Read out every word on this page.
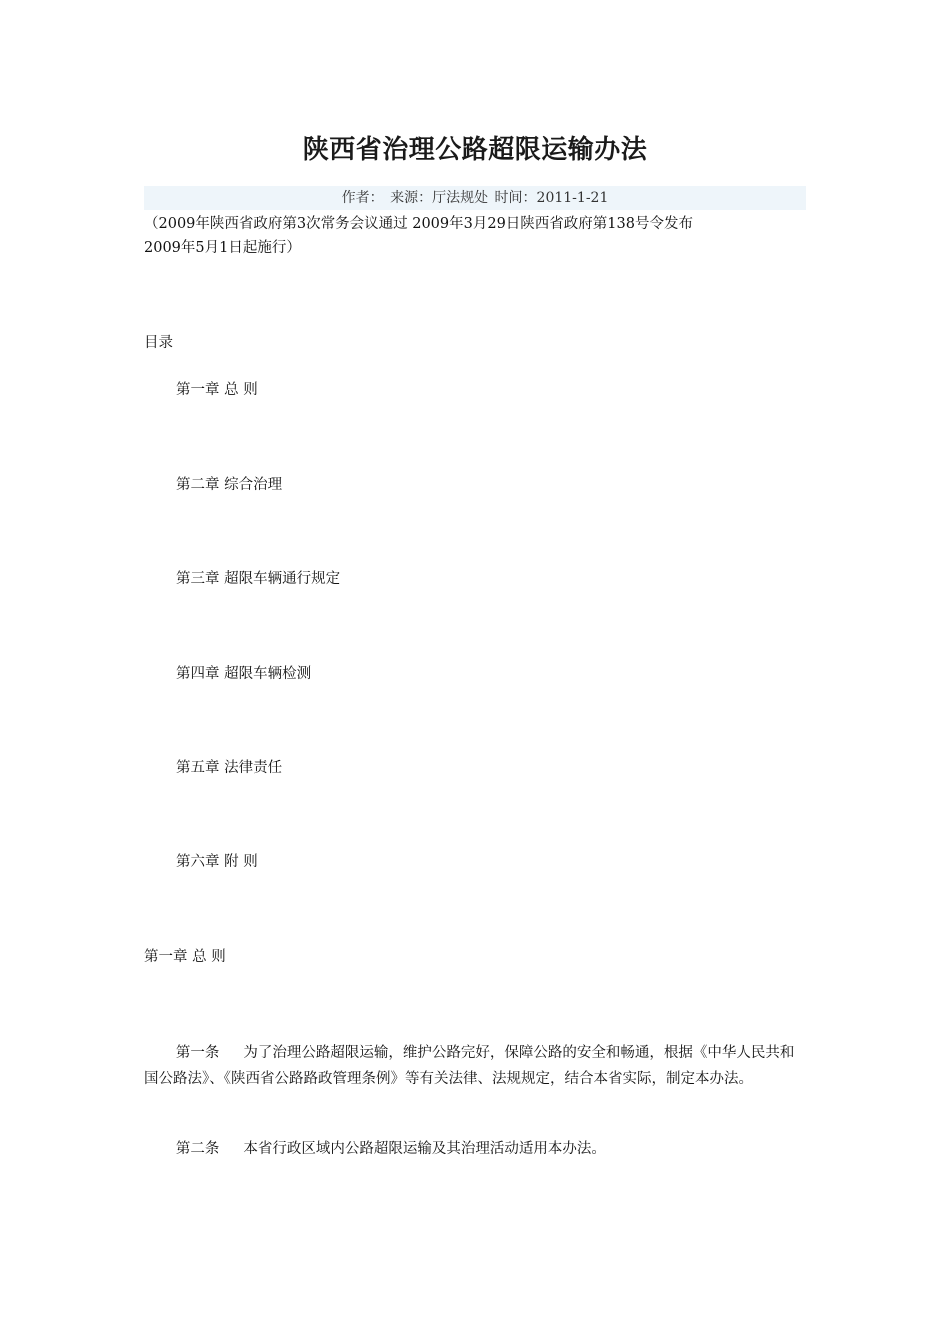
陕西省治理公路超限运输办法
作者： 来源：厅法规处 时间：2011-1-21
（2009年陕西省政府第3次常务会议通过 2009年3月29日陕西省政府第138号令发布
2009年5月1日起施行）
目录
第一章 总 则
第二章 综合治理
第三章 超限车辆通行规定
第四章 超限车辆检测
第五章 法律责任
第六章 附 则
第一章 总 则
第一条 为了治理公路超限运输，维护公路完好，保障公路的安全和畅通，根据《中华人民共和国公路法》、《陕西省公路路政管理条例》等有关法律、法规规定，结合本省实际，制定本办法。
第二条 本省行政区域内公路超限运输及其治理活动适用本办法。
